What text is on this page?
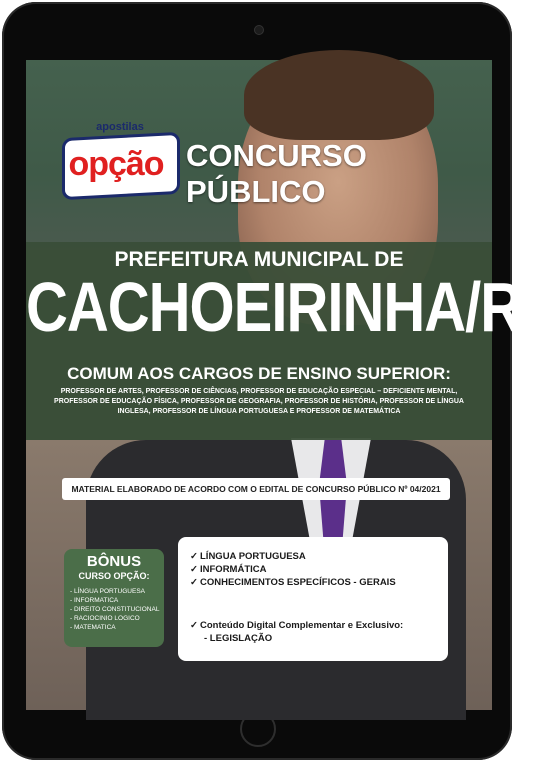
apostilas
opção CONCURSO PÚBLICO
PREFEITURA MUNICIPAL DE
CACHOEIRINHA/RS
COMUM AOS CARGOS DE ENSINO SUPERIOR:
PROFESSOR DE ARTES, PROFESSOR DE CIÊNCIAS, PROFESSOR DE EDUCAÇÃO ESPECIAL – DEFICIENTE MENTAL,
PROFESSOR DE EDUCAÇÃO FÍSICA, PROFESSOR DE GEOGRAFIA, PROFESSOR DE HISTÓRIA, PROFESSOR DE LÍNGUA
INGLESA, PROFESSOR DE LÍNGUA PORTUGUESA E PROFESSOR DE MATEMÁTICA
MATERIAL ELABORADO DE ACORDO COM O EDITAL DE CONCURSO PÚBLICO Nº 04/2021
BÔNUS
CURSO OPÇÃO:
- LÍNGUA PORTUGUESA
- INFORMATICA
- DIREITO CONSTITUCIONAL
- RACIOCINIO LOGICO
- MATEMATICA
✓ LÍNGUA PORTUGUESA
✓ INFORMÁTICA
✓ CONHECIMENTOS ESPECÍFICOS - GERAIS
✓ Conteúdo Digital Complementar e Exclusivo:
- LEGISLAÇÃO
